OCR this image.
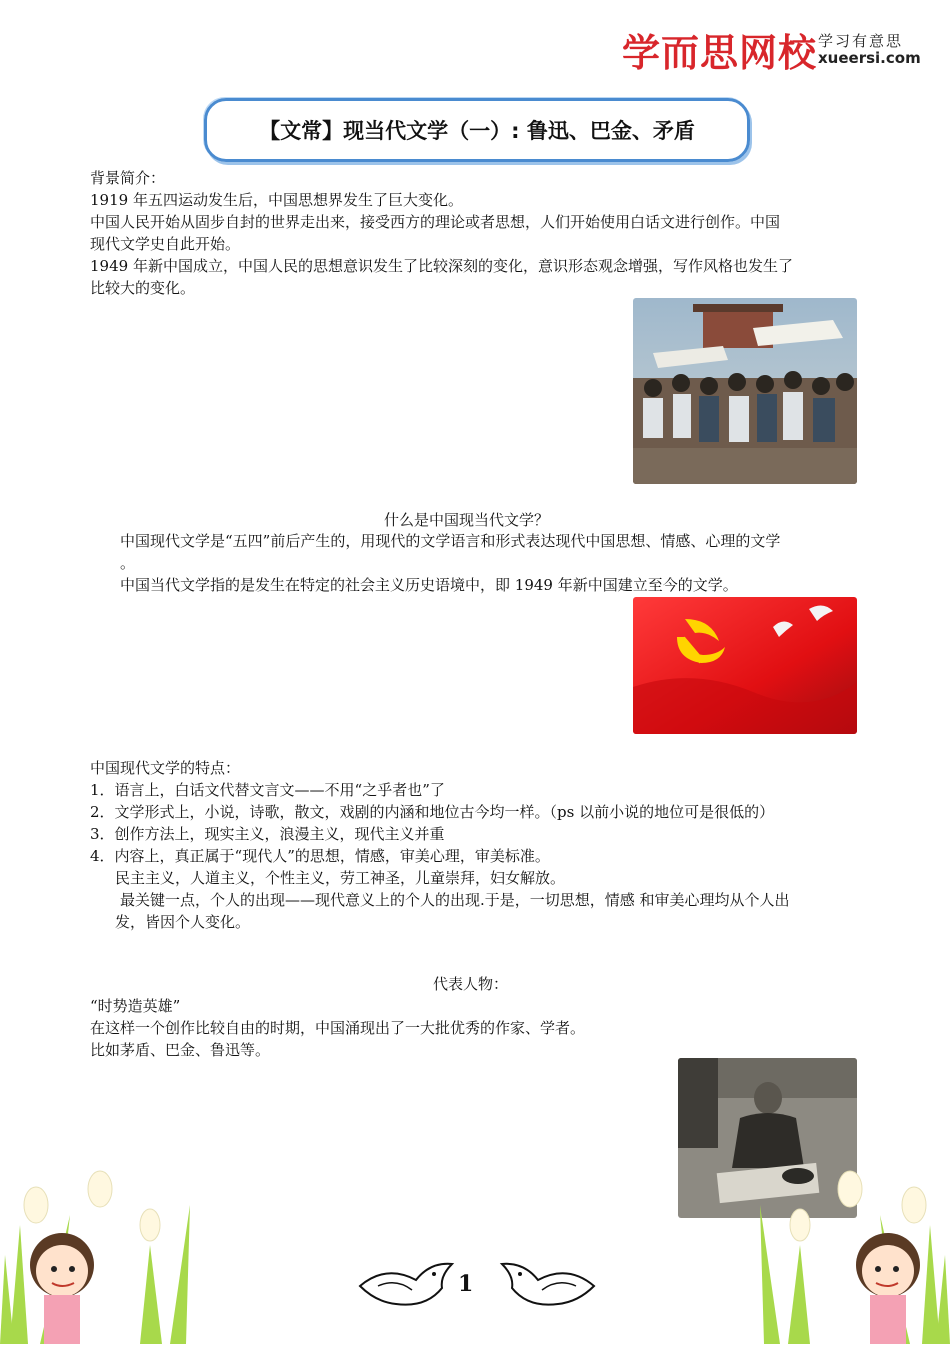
学而思网校 学习有意思
xueersi.com
【文常】现当代文学（一）: 鲁迅、巴金、矛盾
背景简介：
1919 年五四运动发生后，中国思想界发生了巨大变化。
中国人民开始从固步自封的世界走出来，接受西方的理论或者思想，人们开始使用白话文进行创作。中国
现代文学史自此开始。
1949 年新中国成立，中国人民的思想意识发生了比较深刻的变化，意识形态观念增强，写作风格也发生了
比较大的变化。
什么是中国现当代文学？
中国现代文学是“五四”前后产生的，用现代的文学语言和形式表达现代中国思想、情感、心理的文学
。
中国当代文学指的是发生在特定的社会主义历史语境中，即 1949 年新中国建立至今的文学。
中国现代文学的特点：
1．语言上，白话文代替文言文——不用“之乎者也”了
2．文学形式上，小说，诗歌，散文，戏剧的内涵和地位古今均一样。（ps 以前小说的地位可是很低的）
3．创作方法上，现实主义，浪漫主义，现代主义并重
4．内容上，真正属于“现代人”的思想，情感，审美心理，审美标准。
民主主义，人道主义，个性主义，劳工神圣，儿童崇拜，妇女解放。
最关键一点，个人的出现——现代意义上的个人的出现.于是，一切思想，情感 和审美心理均从个人出
发，皆因个人变化。
代表人物：
“时势造英雄”
在这样一个创作比较自由的时期，中国涌现出了一大批优秀的作家、学者。
比如茅盾、巴金、鲁迅等。
1
